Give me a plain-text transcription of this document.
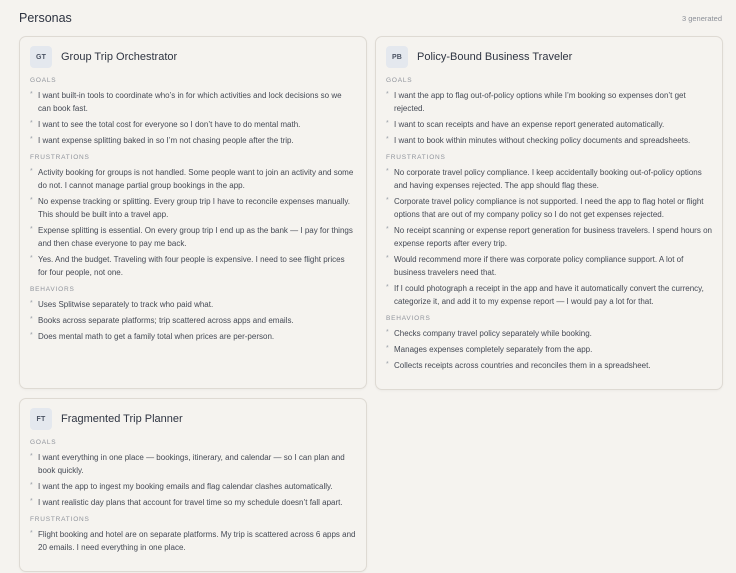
Personas	3 generated
GT	Group Trip Orchestrator
GOALS
* I want built-in tools to coordinate who’s in for which activities and lock decisions so we can book fast.
* I want to see the total cost for everyone so I don’t have to do mental math.
* I want expense splitting baked in so I’m not chasing people after the trip.
FRUSTRATIONS
* Activity booking for groups is not handled. Some people want to join an activity and some do not. I cannot manage partial group bookings in the app.
* No expense tracking or splitting. Every group trip I have to reconcile expenses manually. This should be built into a travel app.
* Expense splitting is essential. On every group trip I end up as the bank — I pay for things and then chase everyone to pay me back.
* Yes. And the budget. Traveling with four people is expensive. I need to see flight prices for four people, not one.
BEHAVIORS
* Uses Splitwise separately to track who paid what.
* Books across separate platforms; trip scattered across apps and emails.
* Does mental math to get a family total when prices are per-person.
PB	Policy-Bound Business Traveler
GOALS
* I want the app to flag out-of-policy options while I’m booking so expenses don’t get rejected.
* I want to scan receipts and have an expense report generated automatically.
* I want to book within minutes without checking policy documents and spreadsheets.
FRUSTRATIONS
* No corporate travel policy compliance. I keep accidentally booking out-of-policy options and having expenses rejected. The app should flag these.
* Corporate travel policy compliance is not supported. I need the app to flag hotel or flight options that are out of my company policy so I do not get expenses rejected.
* No receipt scanning or expense report generation for business travelers. I spend hours on expense reports after every trip.
* Would recommend more if there was corporate policy compliance support. A lot of business travelers need that.
* If I could photograph a receipt in the app and have it automatically convert the currency, categorize it, and add it to my expense report — I would pay a lot for that.
BEHAVIORS
* Checks company travel policy separately while booking.
* Manages expenses completely separately from the app.
* Collects receipts across countries and reconciles them in a spreadsheet.
FT	Fragmented Trip Planner
GOALS
* I want everything in one place — bookings, itinerary, and calendar — so I can plan and book quickly.
* I want the app to ingest my booking emails and flag calendar clashes automatically.
* I want realistic day plans that account for travel time so my schedule doesn’t fall apart.
FRUSTRATIONS
* Flight booking and hotel are on separate platforms. My trip is scattered across 6 apps and 20 emails. I need everything in one place.
